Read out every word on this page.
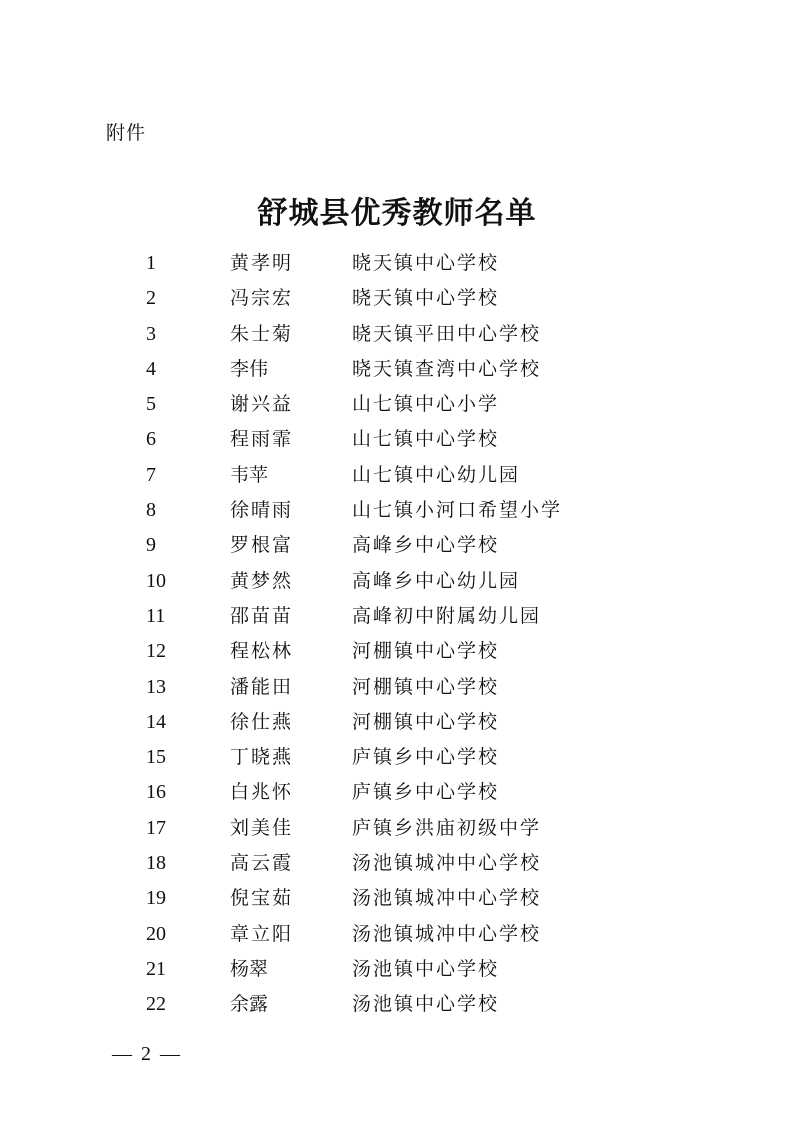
附件
舒城县优秀教师名单
1	黄孝明	晓天镇中心学校
2	冯宗宏	晓天镇中心学校
3	朱士菊	晓天镇平田中心学校
4	李伟	晓天镇查湾中心学校
5	谢兴益	山七镇中心小学
6	程雨霏	山七镇中心学校
7	韦苹	山七镇中心幼儿园
8	徐晴雨	山七镇小河口希望小学
9	罗根富	高峰乡中心学校
10	黄梦然	高峰乡中心幼儿园
11	邵苗苗	高峰初中附属幼儿园
12	程松林	河棚镇中心学校
13	潘能田	河棚镇中心学校
14	徐仕燕	河棚镇中心学校
15	丁晓燕	庐镇乡中心学校
16	白兆怀	庐镇乡中心学校
17	刘美佳	庐镇乡洪庙初级中学
18	高云霞	汤池镇城冲中心学校
19	倪宝茹	汤池镇城冲中心学校
20	章立阳	汤池镇城冲中心学校
21	杨翠	汤池镇中心学校
22	余露	汤池镇中心学校
— 2 —
